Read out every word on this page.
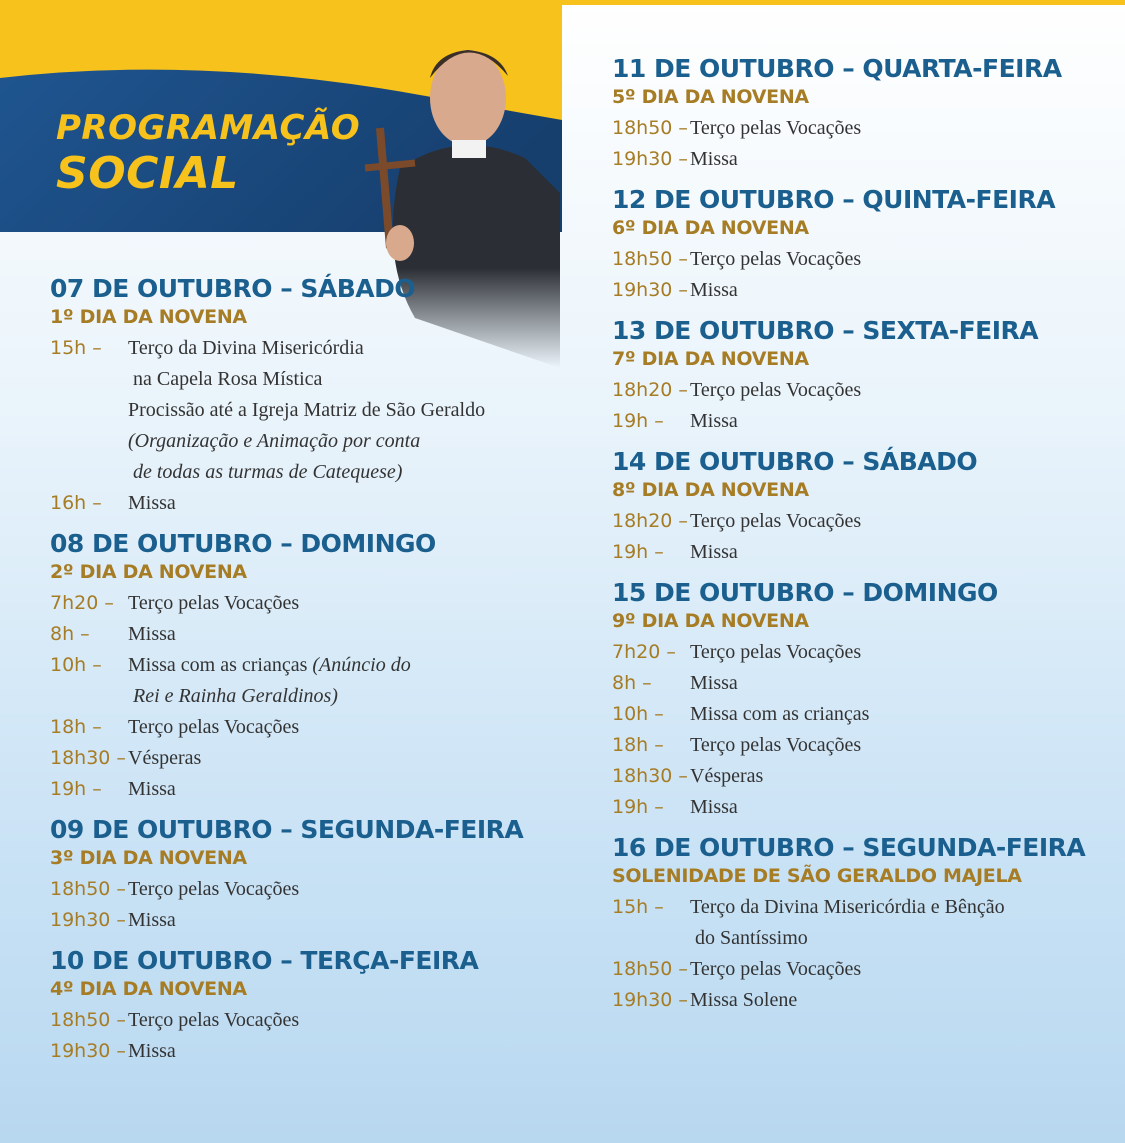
PROGRAMAÇÃO
SOCIAL
07 DE OUTUBRO – SÁBADO
1º DIA DA NOVENA
15h –	Terço da Divina Misericórdia
na Capela Rosa Mística
Procissão até a Igreja Matriz de São Geraldo
(Organização e Animação por conta
de todas as turmas de Catequese)
16h –	Missa
08 DE OUTUBRO – DOMINGO
2º DIA DA NOVENA
7h20 – Terço pelas Vocações
8h –	Missa
10h –	Missa com as crianças (Anúncio do
Rei e Rainha Geraldinos)
18h –	Terço pelas Vocações
18h30 – Vésperas
19h –	Missa
09 DE OUTUBRO – SEGUNDA-FEIRA
3º DIA DA NOVENA
18h50 – Terço pelas Vocações
19h30 – Missa
10 DE OUTUBRO – TERÇA-FEIRA
4º DIA DA NOVENA
18h50 – Terço pelas Vocações
19h30 – Missa
11 DE OUTUBRO – QUARTA-FEIRA
5º DIA DA NOVENA
18h50 – Terço pelas Vocações
19h30 – Missa
12 DE OUTUBRO – QUINTA-FEIRA
6º DIA DA NOVENA
18h50 – Terço pelas Vocações
19h30 – Missa
13 DE OUTUBRO – SEXTA-FEIRA
7º DIA DA NOVENA
18h20 – Terço pelas Vocações
19h –	Missa
14 DE OUTUBRO – SÁBADO
8º DIA DA NOVENA
18h20 – Terço pelas Vocações
19h –	Missa
15 DE OUTUBRO – DOMINGO
9º DIA DA NOVENA
7h20 – Terço pelas Vocações
8h –	Missa
10h –	Missa com as crianças
18h –	Terço pelas Vocações
18h30 – Vésperas
19h –	Missa
16 DE OUTUBRO – SEGUNDA-FEIRA
SOLENIDADE DE SÃO GERALDO MAJELA
15h –	Terço da Divina Misericórdia e Bênção
do Santíssimo
18h50 – Terço pelas Vocações
19h30 – Missa Solene
